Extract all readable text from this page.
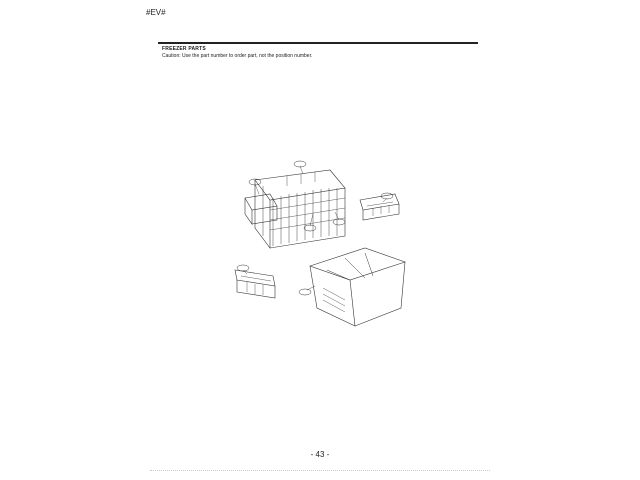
#EV#
FREEZER PARTS
Caution: Use the part number to order part, not the position number.
- 43 -
